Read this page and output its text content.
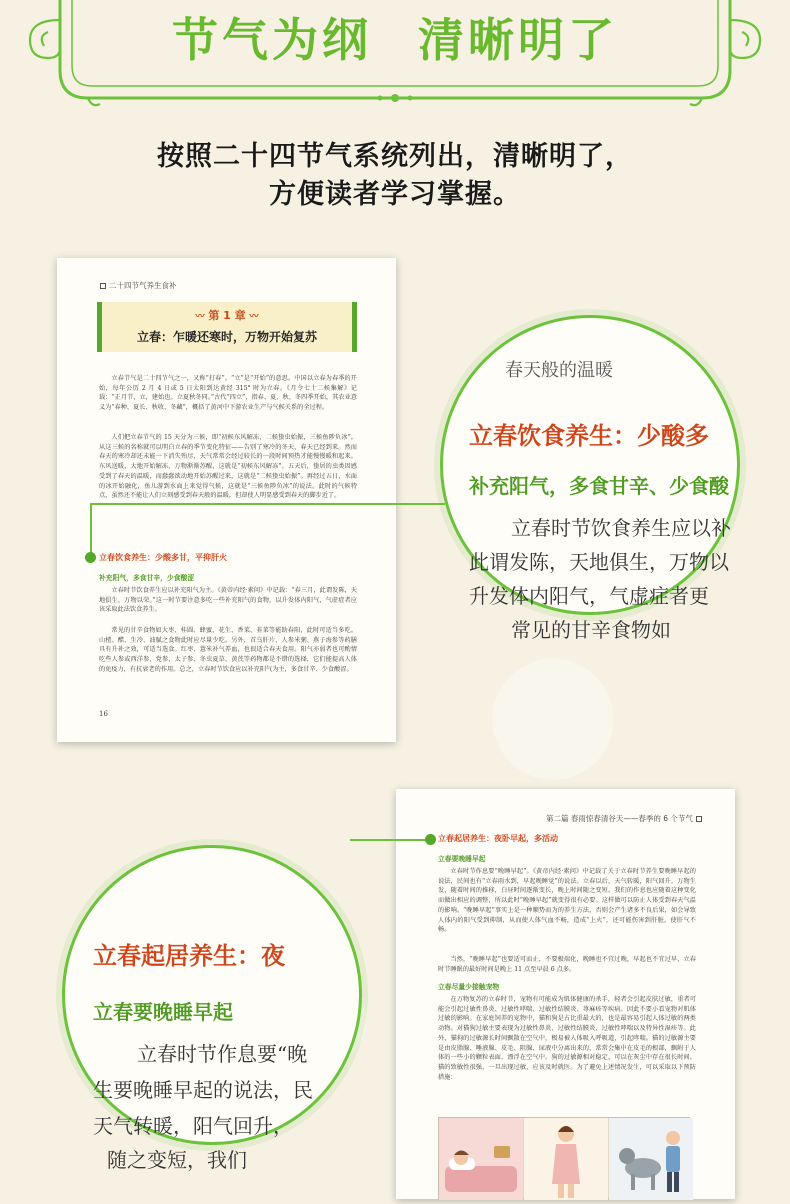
节气为纲 清晰明了
按照二十四节气系统列出，清晰明了，
方便读者学习掌握。
二十四节气养生食补
〰 第 1 章 〰
立春：乍暖还寒时，万物开始复苏

立春节气是二十四节气之一，又称“打春”。“立”是“开始”的意思。中国以立春为春季的开始，每年公历 2 月 4 日或 5 日太阳到达黄经 315° 时为立春。《月令七十二候集解》记载：“正月节，立，建始也。立夏秋冬同。”古代“四立”，指春、夏、秋、冬四季开始，其农业意义为“春种、夏长、秋收、冬藏”，概括了黄河中下游农业生产与气候关系的全过程。

人们把立春节气的 15 天分为三候，即“初候东风解冻，二候蛰虫始振，三候鱼陟负冰”。从这三候的名称就可以明白立春的季节变化特征——告别了寒冷的冬天，春天已经到来。然而春天的寒冷却还未能一下消失殆尽，天气常常会经过较长的一段时间预热才能慢慢暖和起来。东风送暖，大地开始解冻，万物渐渐苏醒，这就是“初候东风解冻”。五天后，蛰居的虫类因感受到了春天的温暖，而蠢蠢欲动地开始苏醒过来，这就是“二候蛰虫始振”。再经过五日，水面的冰开始融化，鱼儿游到水面上来觉得气候，这就是“三候鱼陟负冰”的说法。此时的气候特点，虽然还不能让人们立刻感受到春天般的温暖，但却使人明显感受到春天的脚步近了。

立春饮食养生：少酸多甘，平抑肝火
补充阳气，多食甘辛，少食酸涩

立春时节饮食养生应以补充阳气为主。《黄帝内经·素问》中记载：“春三月，此谓发陈，天地俱生，万物以荣。”这一时节要注意多吃一些补充阳气的食物，以升发体内阳气，气虚症者应该采取此法饮食养生。

常见的甘辛食物如大枣、桂圆、蜂蜜、花生、香菜、韭菜等能助春阳，此时可适当多吃。山楂、醋、生冷、油腻之食物此时应尽量少吃。另外，首乌肝片、人参米粥、燕子海参等药膳具有升补之效，可适当选食。红枣、薏米补气养血，也很适合春天食用。阳气亦弱者也可酌情吃些人参或西洋参、党参、太子参、冬虫夏草、黄芪等药物都是不错的选择，它们能提高人体的免疫力，有抗衰老的作用。总之，立春时节饮食应以补充阳气为主，多食甘辛、少食酸涩。

16
春天般的温暖
立春饮食养生：少酸多
补充阳气，多食甘辛、少食酸
立春时节饮食养生应以补
此谓发陈，天地俱生，万物以
升发体内阳气，气虚症者更
常见的甘辛食物如
第二篇 春雨惊春清谷天——春季的 6 个节气
立春起居养生：夜卧早起，多活动
立春要晚睡早起

立春时节作息要“晚睡早起”。《黄帝内经·素问》中记载了关于立春时节养生要晚睡早起的说法，民间也有“立春雨水到，早起晚睡觉”的说法。立春以后，天气转暖，阳气回升，万物生发，随着时间的推移，白昼时间逐渐变长，晚上时间随之变短。我们的作息也应随着这种变化而做出相应的调整，所以此时“晚睡早起”就变得很有必要。这样做可以防止人体受到春天气温的影响。“晚睡早起”事实上是一种顺势而为的养生方法，否则会产生诸多不良后果，如会导致人体内的阳气受到抑制，从而使人体气血不畅，造成“上火”，还可能伤害到肝脏，使肝气不畅。

当然，“晚睡早起”也要适可而止，不要极端化，晚睡也不宜过晚，早起也不宜过早，立春时节睡眠的最好时间是晚上 11 点至早晨 6 点多。

立春尽量少接触宠物

在万物复苏的立春时节，宠物有可能成为肌体健康的杀手，轻者会引起皮肤过敏，重者可能会引起过敏性鼻炎、过敏性哮喘、过敏性结膜炎、荨麻疹等疾病。因此不要小看宠物对肌体过敏的影响。在家庭饲养的宠物中，猫和狗是占比重最大的，也是最容易引起人体过敏的两类动物。对猫狗过敏主要表现为过敏性鼻炎、过敏性结膜炎、过敏性哮喘以及特异性湿疹等。此外，猫狗的过敏源长时间飘散在空气中，极易被人体吸入呼吸道，引起哮喘。猫的过敏源主要是由皮脂腺、唾液腺、皮毛、阻腺、尿液中分离出来的，常常会集中在皮毛的根部，飘附于人体的一些小的颗粒表面，漂浮在空气中。狗的过敏源相对稳定，可以在灰尘中存在很长时间。猫的致敏性很强，一旦出现过敏，应该及时就医。为了避免上述情况发生，可以采取以下预防措施：

立春起居养生：夜
立春要晚睡早起
立春时节作息要“晚
生要晚睡早起的说法，民
天气转暖，阳气回升，
随之变短，我们
